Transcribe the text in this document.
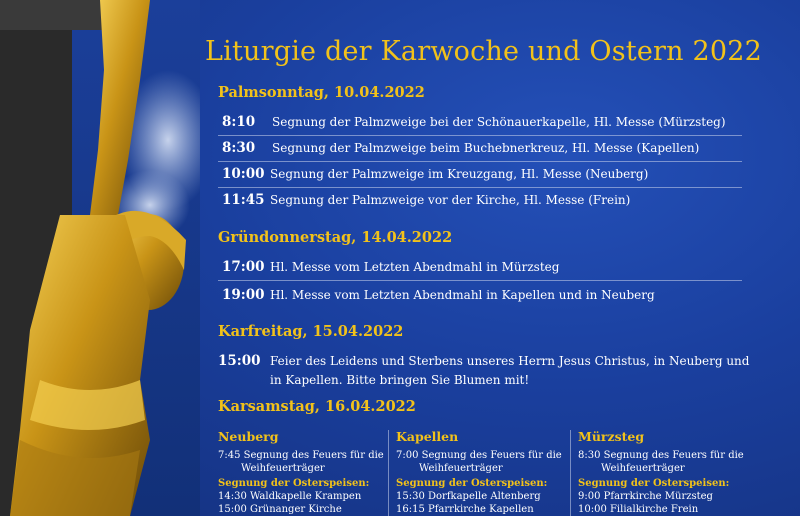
Liturgie der Karwoche und Ostern 2022
Palmsonntag, 10.04.2022
8:10 Segnung der Palmzweige bei der Schönauerkapelle, Hl. Messe (Mürzsteg)
8:30 Segnung der Palmzweige beim Buchebnerkreuz, Hl. Messe (Kapellen)
10:00 Segnung der Palmzweige im Kreuzgang, Hl. Messe (Neuberg)
11:45 Segnung der Palmzweige vor der Kirche, Hl. Messe (Frein)
Gründonnerstag, 14.04.2022
17:00 Hl. Messe vom Letzten Abendmahl in Mürzsteg
19:00 Hl. Messe vom Letzten Abendmahl in Kapellen und in Neuberg
Karfreitag, 15.04.2022
15:00 Feier des Leidens und Sterbens unseres Herrn Jesus Christus, in Neuberg und in Kapellen. Bitte bringen Sie Blumen mit!
Karsamstag, 16.04.2022
Neuberg
7:45 Segnung des Feuers für die
Weihfeuerträger
Segnung der Osterspeisen:
14:30 Waldkapelle Krampen
15:00 Grünanger Kirche
Kapellen
7:00 Segnung des Feuers für die
Weihfeuerträger
Segnung der Osterspeisen:
15:30 Dorfkapelle Altenberg
16:15 Pfarrkirche Kapellen
Mürzsteg
8:30 Segnung des Feuers für die
Weihfeuerträger
Segnung der Osterspeisen:
9:00 Pfarrkirche Mürzsteg
10:00 Filialkirche Frein
